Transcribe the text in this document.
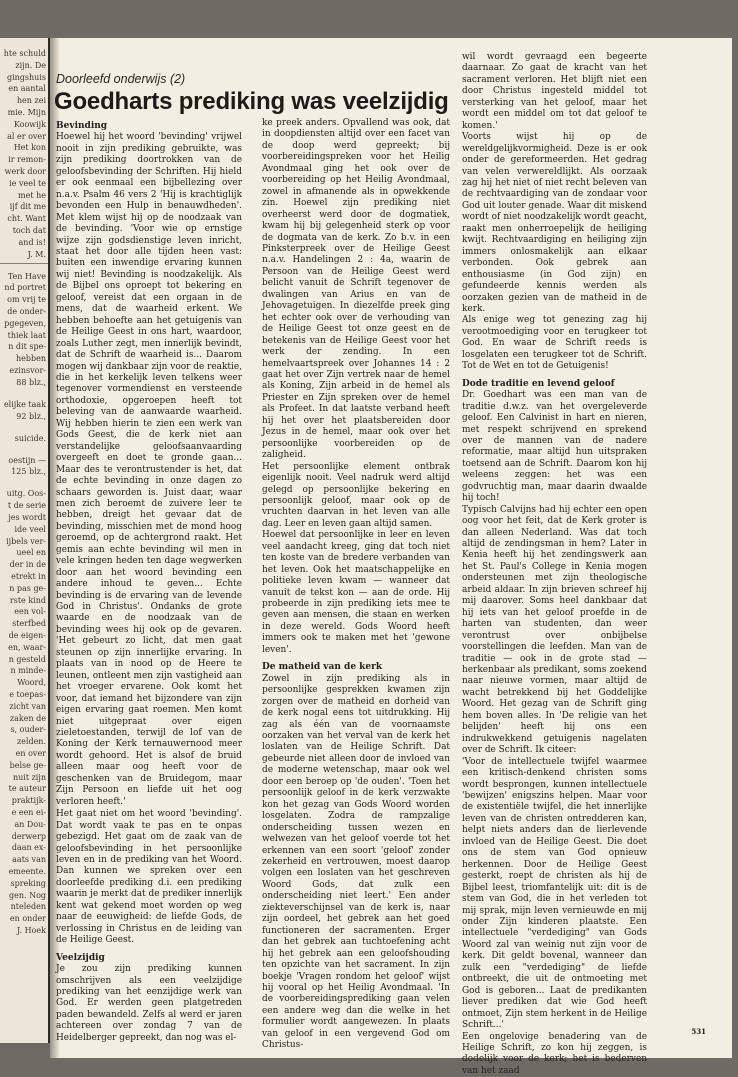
hte schuld
zijn. De
gingshuis
en aantal
hen zei
mie. Mijn
Koowijk
al er over
Het kon
ir remon-
werk door
ie veel te
met he
ijf dit me
cht. Want
toch dat
and is!
J. M.
Ten Have
nd portret
om vrij te
de onder-
pgegeven,
thiek laat
n dit spe-
hebben
ezinsvor-
88 blz.,
elijke taak
92 blz.,
suicide.
oestijn —
125 blz.,
uitg. Oos-
t de serie
jes wordt
ide veel
ijbels ver-
ueel en
der in de
etrekt in
n pas ge-
rste kind
een vol-
sterfbed
de eigen-
en, waar-
n gesteld
n minde-
Woord,
e toepas-
zicht van
zaken de
s, ouder-
zelden.
en over
belse ge-
nuit zijn
te auteur
praktijk-
e een ei-
an Dou-
derwerp
daan ex-
aats van
emeente.
spreking
gen. Nog
nteleden
en onder
J. Hoek
Doorleefd onderwijs (2)
Goedharts prediking was veelzijdig
Bevinding

Hoewel hij het woord 'bevinding' vrijwel nooit in zijn prediking gebruikte, was zijn prediking doortrokken van de geloofsbevinding der Schriften. Hij hield er ook eenmaal een bijbellezing over n.a.v. Psalm 46 vers 2 'Hij is krachtiglijk bevonden een Hulp in benauwdheden'. Met klem wijst hij op de noodzaak van de bevinding. 'Voor wie op ernstige wijze zijn godsdienstige leven inricht, staat het door alle tijden heen vast: buiten een inwendige ervaring kunnen wij niet! Bevinding is noodzakelijk. Als de Bijbel ons oproept tot bekering en geloof, vereist dat een orgaan in de mens, dat de waarheid erkent. We hebben behoefte aan het getuigenis van de Heilige Geest in ons hart, waardoor, zoals Luther zegt, men innerlijk bevindt, dat de Schrift de waarheid is... Daarom mogen wij dankbaar zijn voor de reaktie, die in het kerkelijk leven telkens weer tegenover vormendienst en versteende orthodoxie, opgeroepen heeft tot beleving van de aanwaarde waarheid. Wij hebben hierin te zien een werk van Gods Geest, die de kerk niet aan verstandelijke geloofsaanvaarding overgeeft en doet te gronde gaan... Maar des te verontrustender is het, dat de echte bevinding in onze dagen zo schaars geworden is. Juist daar, waar men zich beroemt de zuivere leer te hebben, dreigt het gevaar dat de bevinding, misschien met de mond hoog geroemd, op de achtergrond raakt. Het gemis aan echte bevinding wil men in vele kringen heden ten dage wegwerken door aan het woord bevinding een andere inhoud te geven... Echte bevinding is de ervaring van de levende God in Christus'. Ondanks de grote waarde en de noodzaak van de bevinding wees hij ook op de gevaren. 'Het gebeurt zo licht, dat men gaat steunen op zijn innerlijke ervaring. In plaats van in nood op de Heere te leunen, ontleent men zijn vastigheid aan het vroeger ervarene. Ook komt het voor, dat iemand het bijzondere van zijn eigen ervaring gaat roemen. Men komt niet uitgepraat over eigen zieletoestanden, terwijl de lof van de Koning der Kerk ternauwernood meer wordt gehoord. Het is alsof de bruid alleen maar oog heeft voor de geschenken van de Bruidegom, maar Zijn Persoon en liefde uit het oog verloren heeft.'

Het gaat niet om het woord 'bevinding'. Dat wordt vaak te pas en te onpas gebezigd. Het gaat om de zaak van de geloofsbevinding in het persoonlijke leven en in de prediking van het Woord. Dan kunnen we spreken over een doorleefde prediking d.i. een prediking waarin je merkt dat de prediker innerlijk kent wat gekend moet worden op weg naar de eeuwigheid: de liefde Gods, de verlossing in Christus en de leiding van de Heilige Geest.

Veelzijdig

Je zou zijn prediking kunnen omschrijven als een veelzijdige prediking van het eenzijdige werk van God. Er werden geen platgetreden paden bewandeld. Zelfs al werd er jaren achtereen over zondag 7 van de Heidelberger gepreekt, dan nog was el-

ke preek anders. Opvallend was ook, dat in doopdiensten altijd over een facet van de doop werd gepreekt; bij voorbereidingspreken voor het Heilig Avondmaal ging het ook over de voorbereiding op het Heilig Avondmaal, zowel in afmanende als in opwekkende zin. Hoewel zijn prediking niet overheerst werd door de dogmatiek, kwam hij bij gelegenheid sterk op voor de dogmata van de kerk. Zo b.v. in een Pinksterpreek over de Heilige Geest n.a.v. Handelingen 2 : 4a, waarin de Persoon van de Heilige Geest werd belicht vanuit de Schrift tegenover de dwalingen van Arius en van de Jehovagetuigen. In diezelfde preek ging het echter ook over de verhouding van de Heilige Geest tot onze geest en de betekenis van de Heilige Geest voor het werk der zending. In een hemelvaartspreek over Johannes 14 : 2 gaat het over Zijn vertrek naar de hemel als Koning, Zijn arbeid in de hemel als Priester en Zijn spreken over de hemel als Profeet. In dat laatste verband heeft hij het over het plaatsbereiden door Jezus in de hemel, maar ook over het persoonlijke voorbereiden op de zaligheid.

Het persoonlijke element ontbrak eigenlijk nooit. Veel nadruk werd altijd gelegd op persoonlijke bekering en persoonlijk geloof, maar ook op de vruchten daarvan in het leven van alle dag. Leer en leven gaan altijd samen.

Hoewel dat persoonlijke in leer en leven veel aandacht kreeg, ging dat toch niet ten koste van de bredere verbanden van het leven. Ook het maatschappelijke en politieke leven kwam — wanneer dat vanuit de tekst kon — aan de orde. Hij probeerde in zijn prediking iets mee te geven aan mensen, die staan en werken in deze wereld. Gods Woord heeft immers ook te maken met het 'gewone leven'.

De matheid van de kerk

Zowel in zijn prediking als in persoonlijke gesprekken kwamen zijn zorgen over de matheid en dorheid van de kerk nogal eens tot uitdrukking. Hij zag als één van de voornaamste oorzaken van het verval van de kerk het loslaten van de Heilige Schrift. Dat gebeurde niet alleen door de invloed van de moderne wetenschap, maar ook wel door een beroep op 'de ouden'. 'Toen het persoonlijk geloof in de kerk verzwakte kon het gezag van Gods Woord worden losgelaten. Zodra de rampzalige onderscheiding tussen wezen en welwezen van het geloof voerde tot het erkennen van een soort 'geloof' zonder zekerheid en vertrouwen, moest daarop volgen een loslaten van het geschreven Woord Gods, dat zulk een onderscheiding niet leert.' Een ander ziekteverschijnsel van de kerk is, naar zijn oordeel, het gebrek aan het goed functioneren der sacramenten. Erger dan het gebrek aan tuchtoefening acht hij het gebrek aan een geloofshouding ten opzichte van het sacrament. In zijn boekje 'Vragen rondom het geloof' wijst hij vooral op het Heilig Avondmaal. 'In de voorbereidingsprediking gaan velen een andere weg dan die welke in het formulier wordt aangewezen. In plaats van geloof in een vergevend God om Christus-

wil wordt gevraagd een begeerte daarnaar. Zo gaat de kracht van het sacrament verloren. Het blijft niet een door Christus ingesteld middel tot versterking van het geloof, maar het wordt een middel om tot dat geloof te komen.'

Voorts wijst hij op de wereldgelijkvormigheid. Deze is er ook onder de gereformeerden. Het gedrag van velen verwereldlijkt. Als oorzaak zag hij het niet of niet recht beleven van de rechtvaardiging van de zondaar voor God uit louter genade. Waar dit miskend wordt of niet noodzakelijk wordt geacht, raakt men onherroepelijk de heiliging kwijt. Rechtvaardiging en heiliging zijn immers onlosmakelijk aan elkaar verbonden. Ook gebrek aan enthousiasme (in God zijn) en gefundeerde kennis werden als oorzaken gezien van de matheid in de kerk.

Als enige weg tot genezing zag hij verootmoediging voor en terugkeer tot God. En waar de Schrift reeds is losgelaten een terugkeer tot de Schrift. Tot de Wet en tot de Getuigenis!

Dode traditie en levend geloof

Dr. Goedhart was een man van de traditie d.w.z. van het overgeleverde geloof. Een Calvinist in hart en nieren, met respekt schrijvend en sprekend over de mannen van de nadere reformatie, maar altijd hun uitspraken toetsend aan de Schrift. Daarom kon hij weleens zeggen: het was een godvruchtig man, maar daarin dwaalde hij toch!

Typisch Calvijns had hij echter een open oog voor het feit, dat de Kerk groter is dan alleen Nederland. Was dat toch altijd de zendingsman in hem? Later in Kenia heeft hij het zendingswerk aan het St. Paul's College in Kenia mogen ondersteunen met zijn theologische arbeid aldaar. In zijn brieven schreef hij mij daarover. Soms heel dankbaar dat hij iets van het geloof proefde in de harten van studenten, dan weer verontrust over onbijbelse voorstellingen die leefden. Man van de traditie — ook in de grote stad — herkenbaar als predikant, soms zoekend naar nieuwe vormen, maar altijd de wacht betrekkend bij het Goddelijke Woord. Het gezag van de Schrift ging hem boven alles. In 'De religie van het belijden' heeft hij ons een indrukwekkend getuigenis nagelaten over de Schrift. Ik citeer:

'Voor de intellectuele twijfel waarmee een kritisch-denkend christen soms wordt besprongen, kunnen intellectuele 'bewijzen' enigszins helpen. Maar voor de existentiële twijfel, die het innerlijke leven van de christen ontredderen kan, helpt niets anders dan de lierlevende invloed van de Heilige Geest. Die doet ons de stem van God opnieuw herkennen. Door de Heilige Geest gesterkt, roept de christen als hij de Bijbel leest, triomfantelijk uit: dit is de stem van God, die in het verleden tot mij sprak, mijn leven vernieuwde en mij onder Zijn kinderen plaatste. Een intellectuele "verdediging" van Gods Woord zal van weinig nut zijn voor de kerk. Dit geldt bovenal, wanneer dan zulk een "verdediging" de liefde ontbreekt, die uit de ontmoeting met God is geboren... Laat de predikanten liever prediken dat wie God heeft ontmoet, Zijn stem herkent in de Heilige Schrift...'

Een ongelovige benadering van de Heilige Schrift, zo kon hij zeggen, is dodelijk voor de kerk; het is bederven van het zaad

531
